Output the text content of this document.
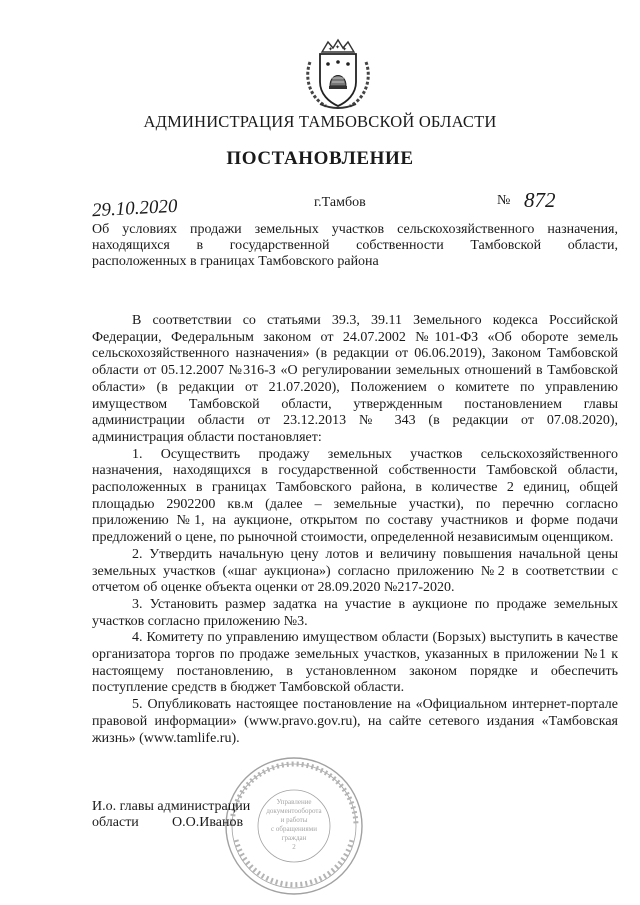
✦ ✦ ✦
АДМИНИСТРАЦИЯ ТАМБОВСКОЙ ОБЛАСТИ
ПОСТАНОВЛЕНИЕ
29.10.2020	г.Тамбов	№ 872
Об условиях продажи земельных участков сельскохозяйственного назначения,
находящихся в государственной собственности Тамбовской области,
расположенных в границах Тамбовского района

В соответствии со статьями 39.3, 39.11 Земельного кодекса Российской Федерации, Федеральным законом от 24.07.2002 №101-ФЗ «Об обороте земель сельскохозяйственного назначения» (в редакции от 06.06.2019), Законом Тамбовской области от 05.12.2007 №316-З «О регулировании земельных отношений в Тамбовской области» (в редакции от 21.07.2020), Положением о комитете по управлению имуществом Тамбовской области, утвержденным постановлением главы администрации области от 23.12.2013 № 343 (в редакции от 07.08.2020), администрация области постановляет:

1. Осуществить продажу земельных участков сельскохозяйственного назначения, находящихся в государственной собственности Тамбовской области, расположенных в границах Тамбовского района, в количестве 2 единиц, общей площадью 2902200 кв.м (далее – земельные участки), по перечню согласно приложению №1, на аукционе, открытом по составу участников и форме подачи предложений о цене, по рыночной стоимости, определенной независимым оценщиком.

2. Утвердить начальную цену лотов и величину повышения начальной цены земельных участков («шаг аукциона») согласно приложению №2 в соответствии с отчетом об оценке объекта оценки от 28.09.2020 №217-2020.

3. Установить размер задатка на участие в аукционе по продаже земельных участков согласно приложению №3.

4. Комитету по управлению имуществом области (Борзых) выступить в качестве организатора торгов по продаже земельных участков, указанных в приложении №1 к настоящему постановлению, в установленном законом порядке и обеспечить поступление средств в бюджет Тамбовской области.

5. Опубликовать настоящее постановление на «Официальном интернет-портале правовой информации» (www.pravo.gov.ru), на сайте сетевого издания «Тамбовская жизнь» (www.tamlife.ru).

Управление
документооборота
и работы
с обращениями
граждан
2
И.о. главы администрации
области О.О.Иванов
